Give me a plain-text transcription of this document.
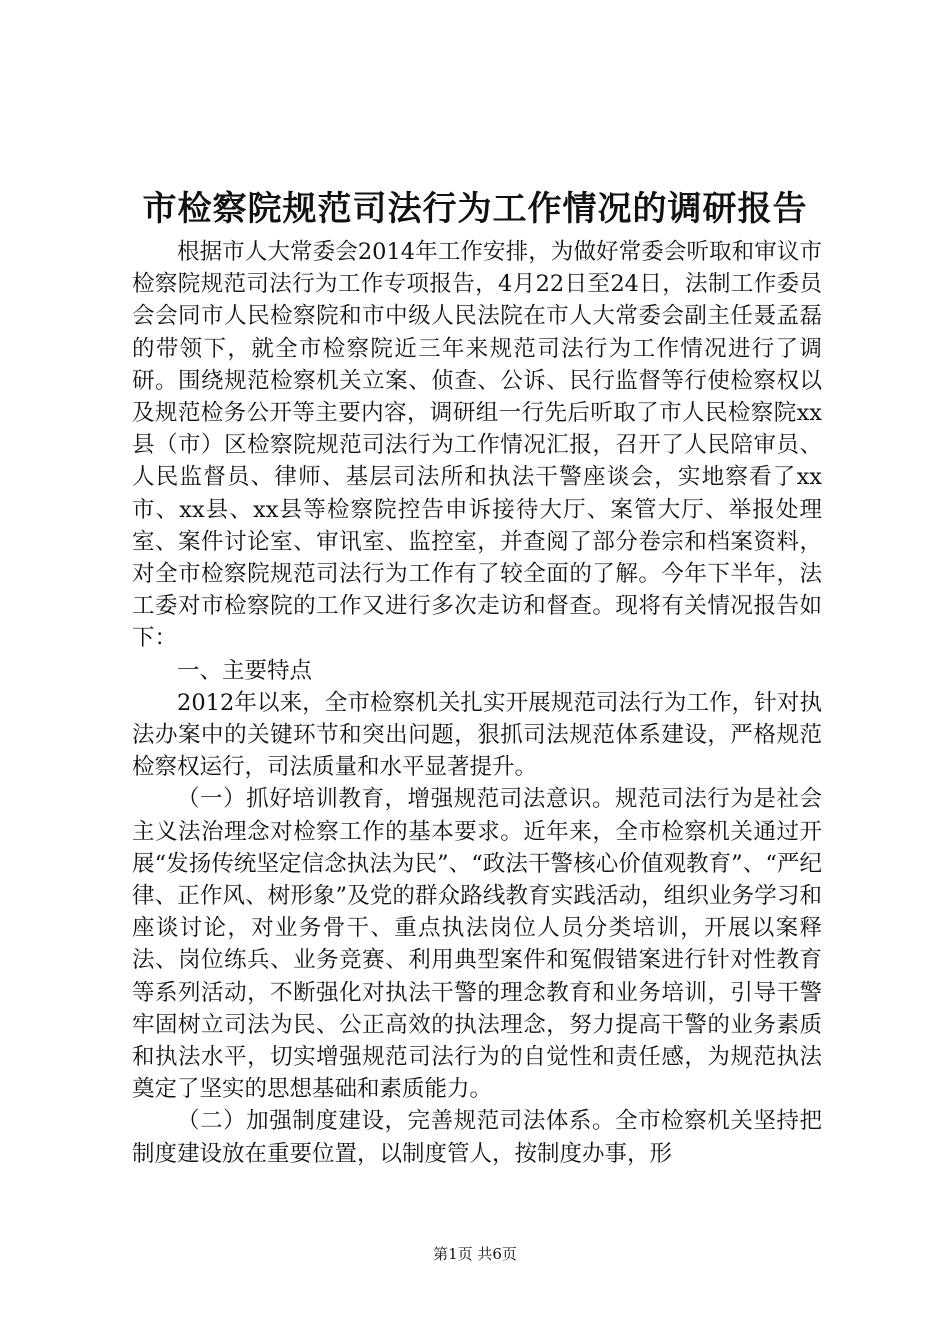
市检察院规范司法行为工作情况的调研报告

根据市人大常委会2014年工作安排，为做好常委会听取和审议市检察院规范司法行为工作专项报告，4月22日至24日，法制工作委员会会同市人民检察院和市中级人民法院在市人大常委会副主任聂孟磊的带领下，就全市检察院近三年来规范司法行为工作情况进行了调研。围绕规范检察机关立案、侦查、公诉、民行监督等行使检察权以及规范检务公开等主要内容，调研组一行先后听取了市人民检察院xx县（市）区检察院规范司法行为工作情况汇报，召开了人民陪审员、人民监督员、律师、基层司法所和执法干警座谈会，实地察看了xx市、xx县、xx县等检察院控告申诉接待大厅、案管大厅、举报处理室、案件讨论室、审讯室、监控室，并查阅了部分卷宗和档案资料，对全市检察院规范司法行为工作有了较全面的了解。今年下半年，法工委对市检察院的工作又进行多次走访和督查。现将有关情况报告如下：

一、主要特点

2012年以来，全市检察机关扎实开展规范司法行为工作，针对执法办案中的关键环节和突出问题，狠抓司法规范体系建设，严格规范检察权运行，司法质量和水平显著提升。

（一）抓好培训教育，增强规范司法意识。规范司法行为是社会主义法治理念对检察工作的基本要求。近年来，全市检察机关通过开展“发扬传统坚定信念执法为民”、“政法干警核心价值观教育”、“严纪律、正作风、树形象”及党的群众路线教育实践活动，组织业务学习和座谈讨论，对业务骨干、重点执法岗位人员分类培训，开展以案释法、岗位练兵、业务竞赛、利用典型案件和冤假错案进行针对性教育等系列活动，不断强化对执法干警的理念教育和业务培训，引导干警牢固树立司法为民、公正高效的执法理念，努力提高干警的业务素质和执法水平，切实增强规范司法行为的自觉性和责任感，为规范执法奠定了坚实的思想基础和素质能力。

（二）加强制度建设，完善规范司法体系。全市检察机关坚持把制度建设放在重要位置，以制度管人，按制度办事，形

第1页 共6页
